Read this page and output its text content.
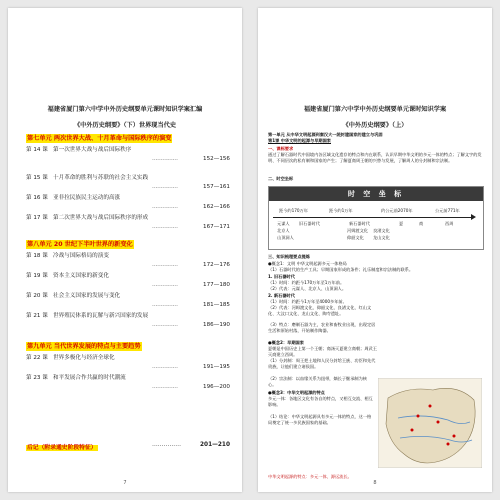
福建省厦门第六中学中外历史纲要单元课时知识学案汇编
《中外历史纲要》（下）世界现当代史
第七单元 两次世界大战、十月革命与国际秩序的演变
第 14 课 第一次世界大战与战后国际秩序
……………	152—156
第 15 课 十月革命的胜利与苏联的社会主义实践
……………	157—161
第 16 课 亚非拉民族民主运动的高涨
……………	162—166
第 17 课 第二次世界大战与战后国际秩序的形成
……………	167—171
第八单元 20 世纪下半叶世界的新变化
第 18 课 冷战与国际格局的演变
……………	172—176
第 19 课 资本主义国家的新变化
……………	177—180
第 20 课 社会主义国家的发展与变化
……………	181—185
第 21 课 世界殖民体系的瓦解与新兴国家的发展
……………	186—190
第九单元 当代世界发展的特点与主要趋势
第 22 课 世界多极化与经济全球化
……………	191—195
第 23 课 和平发展合作共赢的时代潮流
……………	196—200
后记（附录通史阶段特征）	……………	201—210
7
福建省厦门第六中学中外历史纲要单元课时知识学案
《中外历史纲要》（上）
第一单元 从中华文明起源到秦汉大一统封建国家的建立与巩固
第1课 中华文明的起源与早期国家
一、课标要求
通过了解石器时代中国境内各区域文化遗存的特点和内在联系，认识早期中华文明的多元一体的特点；了解文字的发明、不同层次的私有制和国家的产生；了解夏商周王朝的兴替与发展，了解周人的分封制和宗法制。
二、时空坐标
时 空 坐 标
距今约170万年	距今约1万年	约公元前2070年	公元前771年
元谋人 旧石器时代	新石器时代	夏	商	西周
北京人
山顶洞人
河姆渡文化
仰韶文化
良渚文化
龙山文化
三、知识梳理要点提炼
●概念1：文明 中华文明起源多元一体格局
（1）石器时代的生产工具；早期国家形成的条件；礼乐制度和宗法制的联系。
1. 旧石器时代
（1）时间：约距今170万年至1万年前。
（2）代表：元谋人、北京人、山顶洞人。
2. 新石器时代
（1）时间：约距今1万年至4000多年前。
（2）代表：河姆渡文化、仰韶文化、良渚文化、红山文化、大汶口文化、龙山文化、陶寺遗址。
（3）特点：磨制石器为主，农业和畜牧业出现，出现定居生活和原始村落，开始制作陶器。
●概念2：早期国家
夏朝是中国历史上第一个王朝；商汤灭夏建立商朝；周武王灭商建立西周。
（1）分封制：周王把土地和人民分封给王族、功臣和先代贵族，让他们建立诸侯国。
（2）宗法制：以血缘关系为纽带，嫡长子继承制为核心。
●概念3：中华文明起源的特点
多元一体：各地区文化有各自的特点，又相互交流、相互影响。
（1）结论：中华文明起源具有多元一体的特点，这一格局奠定了统一多民族国家的基础。
中华文明起源的特点：多元一体、源远流长。
8
